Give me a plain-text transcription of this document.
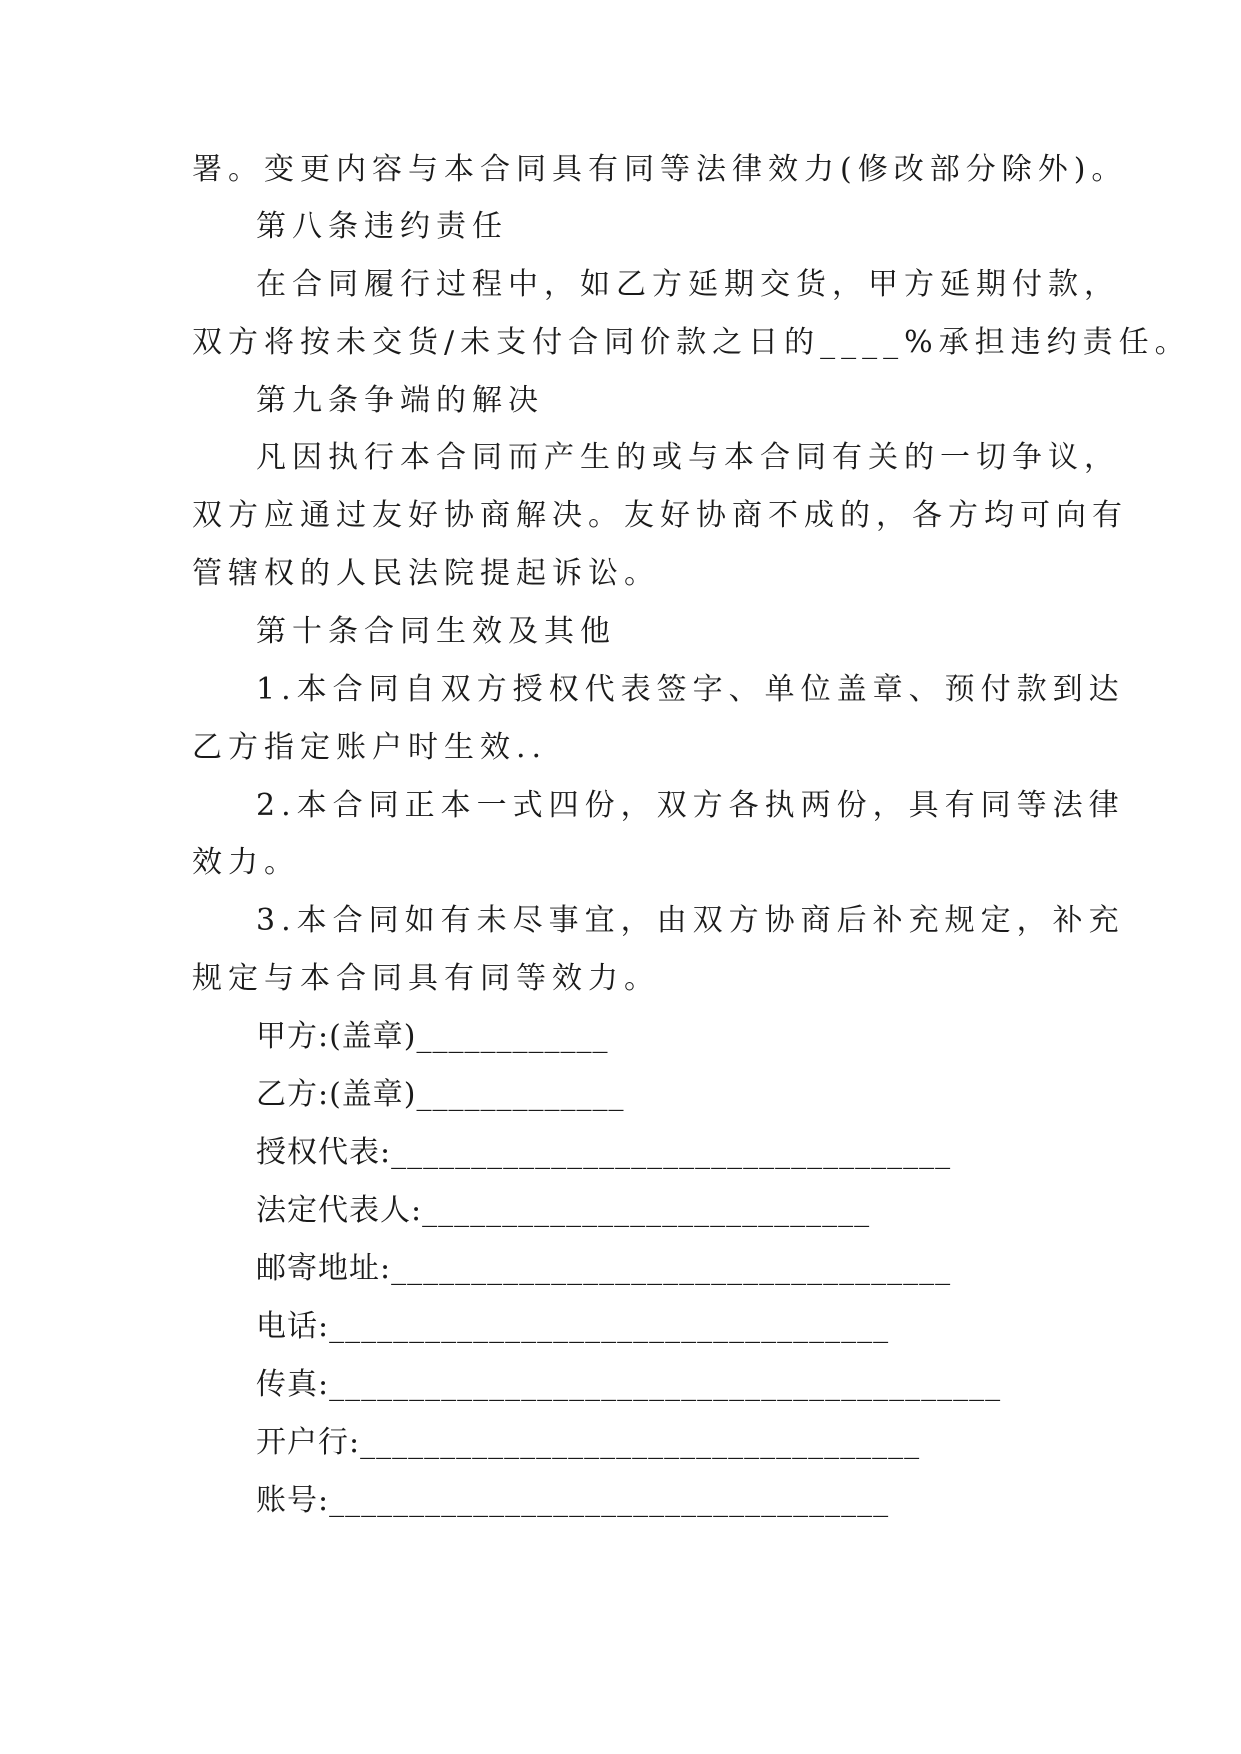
署。变更内容与本合同具有同等法律效力(修改部分除外)。
第八条违约责任
在合同履行过程中，如乙方延期交货，甲方延期付款，
双方将按未交货/未支付合同价款之日的____%承担违约责任。
第九条争端的解决
凡因执行本合同而产生的或与本合同有关的一切争议，
双方应通过友好协商解决。友好协商不成的，各方均可向有
管辖权的人民法院提起诉讼。
第十条合同生效及其他
1.本合同自双方授权代表签字、单位盖章、预付款到达
乙方指定账户时生效..
2.本合同正本一式四份，双方各执两份，具有同等法律
效力。
3.本合同如有未尽事宜，由双方协商后补充规定，补充
规定与本合同具有同等效力。
甲方:(盖章)____________
乙方:(盖章)_____________
授权代表:___________________________________
法定代表人:____________________________
邮寄地址:___________________________________
电话:___________________________________
传真:__________________________________________
开户行:___________________________________
账号:___________________________________
